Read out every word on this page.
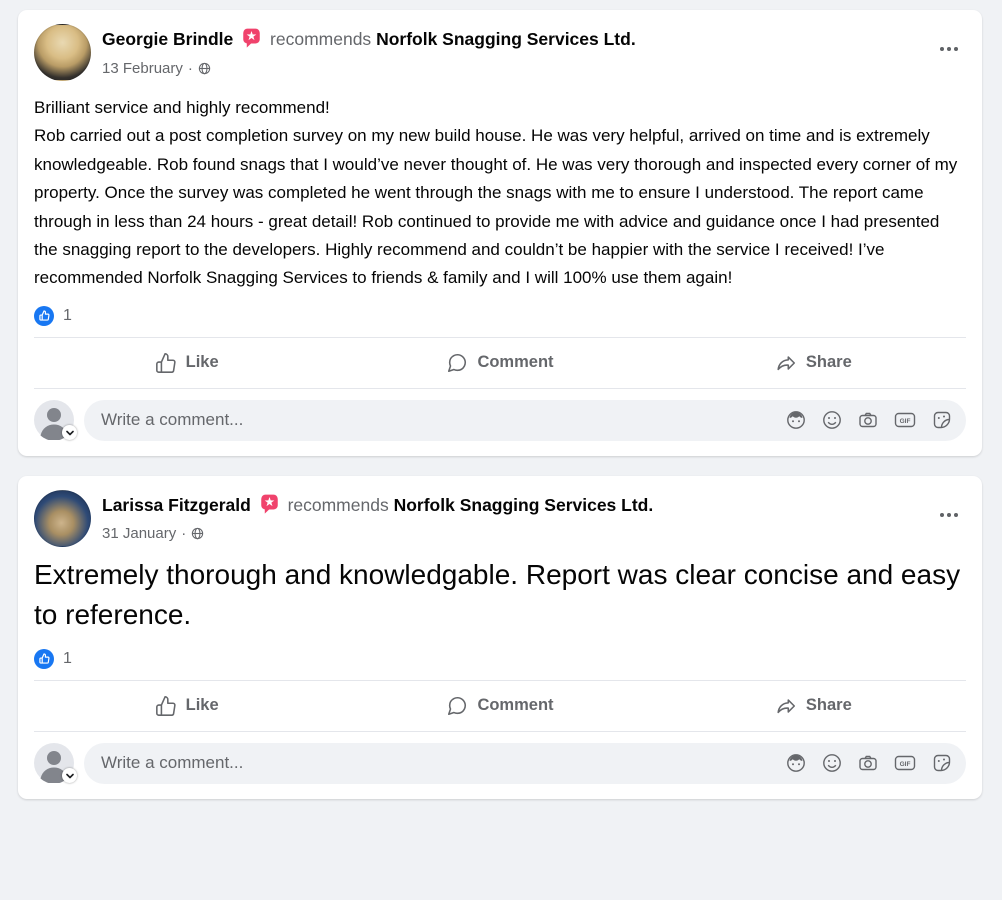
Georgie Brindle recommends Norfolk Snagging Services Ltd.
13 February
·

Brilliant service and highly recommend!

Rob carried out a post completion survey on my new build house. He was very helpful, arrived on time and is extremely knowledgeable. Rob found snags that I would’ve never thought of. He was very thorough and inspected every corner of my property. Once the survey was completed he went through the snags with me to ensure I understood. The report came through in less than 24 hours - great detail! Rob continued to provide me with advice and guidance once I had presented the snagging report to the developers. Highly recommend and couldn’t be happier with the service I received! I’ve recommended Norfolk Snagging Services to friends & family and I will 100% use them again!

1
Like	Comment	Share
Write a comment...
GIF
Larissa Fitzgerald recommends Norfolk Snagging Services Ltd.
31 January
·

Extremely thorough and knowledgable. Report was clear concise and easy to reference.

1
Like	Comment	Share
Write a comment...
GIF
